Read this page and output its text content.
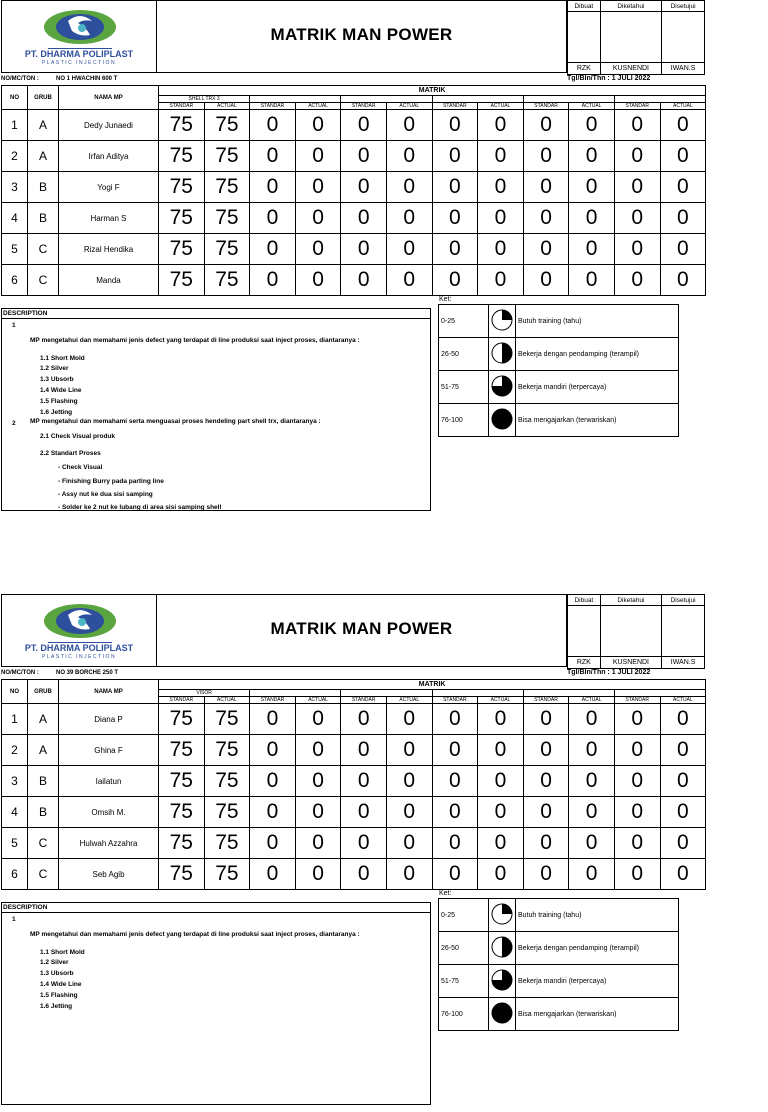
PT. DHARMA POLIPLAST
PLASTIC INJECTION
MATRIK MAN POWER
Dibuat	Diketahui	Disetujui

RZK	KUSNENDI	IWAN.S
NO/MC/TON :	NO 1 HWACHIN 600 T	Tgl/Bln/Thn : 1 JULI 2022
NO	GRUB	NAMA MP	MATRIK											
			SHELL TRX 3											
			STANDAR	ACTUAL	STANDAR	ACTUAL	STANDAR	ACTUAL	STANDAR	ACTUAL	STANDAR	ACTUAL	STANDAR	ACTUAL
1	A	Dedy Junaedi	75	75	0	0	0	0	0	0	0	0	0	0
2	A	Irfan Aditya	75	75	0	0	0	0	0	0	0	0	0	0
3	B	Yogi F	75	75	0	0	0	0	0	0	0	0	0	0
4	B	Harman S	75	75	0	0	0	0	0	0	0	0	0	0
5	C	Rizal Hendika	75	75	0	0	0	0	0	0	0	0	0	0
6	C	Manda	75	75	0	0	0	0	0	0	0	0	0	0
DESCRIPTION
1
MP mengetahui dan memahami jenis defect yang terdapat di line produksi saat inject proses, diantaranya :
1.1 Short Mold
1.2 Silver
1.3 Ubsorb
1.4 Wide Line
1.5 Flashing
1.6 Jetting
2 MP mengetahui dan memahami serta menguasai proses hendeling part shell trx, diantaranya :
2.1 Check Visual produk
2.2 Standart Proses
- Check Visual
- Finishing Burry pada parting line
- Assy nut ke dua sisi samping
- Solder ke 2 nut ke lubang di area sisi samping shell
Ket:
0-25		Butuh training (tahu)
26-50		Bekerja dengan pendamping (terampil)
51-75		Bekerja mandiri (terpercaya)
76-100		Bisa mengajarkan (terwariskan)
PT. DHARMA POLIPLAST
PLASTIC INJECTION
MATRIK MAN POWER
Dibuat	Diketahui	Disetujui

RZK	KUSNENDI	IWAN.S
NO/MC/TON :	NO 39 BORCHE 250 T	Tgl/Bln/Thn : 1 JULI 2022
NO	GRUB	NAMA MP	MATRIK											
			VISOR											
			STANDAR	ACTUAL	STANDAR	ACTUAL	STANDAR	ACTUAL	STANDAR	ACTUAL	STANDAR	ACTUAL	STANDAR	ACTUAL
1	A	Diana P	75	75	0	0	0	0	0	0	0	0	0	0
2	A	Ghina F	75	75	0	0	0	0	0	0	0	0	0	0
3	B	Iailatun	75	75	0	0	0	0	0	0	0	0	0	0
4	B	Omsih M.	75	75	0	0	0	0	0	0	0	0	0	0
5	C	Hulwah Azzahra	75	75	0	0	0	0	0	0	0	0	0	0
6	C	Seb Agib	75	75	0	0	0	0	0	0	0	0	0	0
DESCRIPTION
1
MP mengetahui dan memahami jenis defect yang terdapat di line produksi saat inject proses, diantaranya :
1.1 Short Mold
1.2 Silver
1.3 Ubsorb
1.4 Wide Line
1.5 Flashing
1.6 Jetting
Ket:
0-25		Butuh training (tahu)
26-50		Bekerja dengan pendamping (terampil)
51-75		Bekerja mandiri (terpercaya)
76-100		Bisa mengajarkan (terwariskan)
